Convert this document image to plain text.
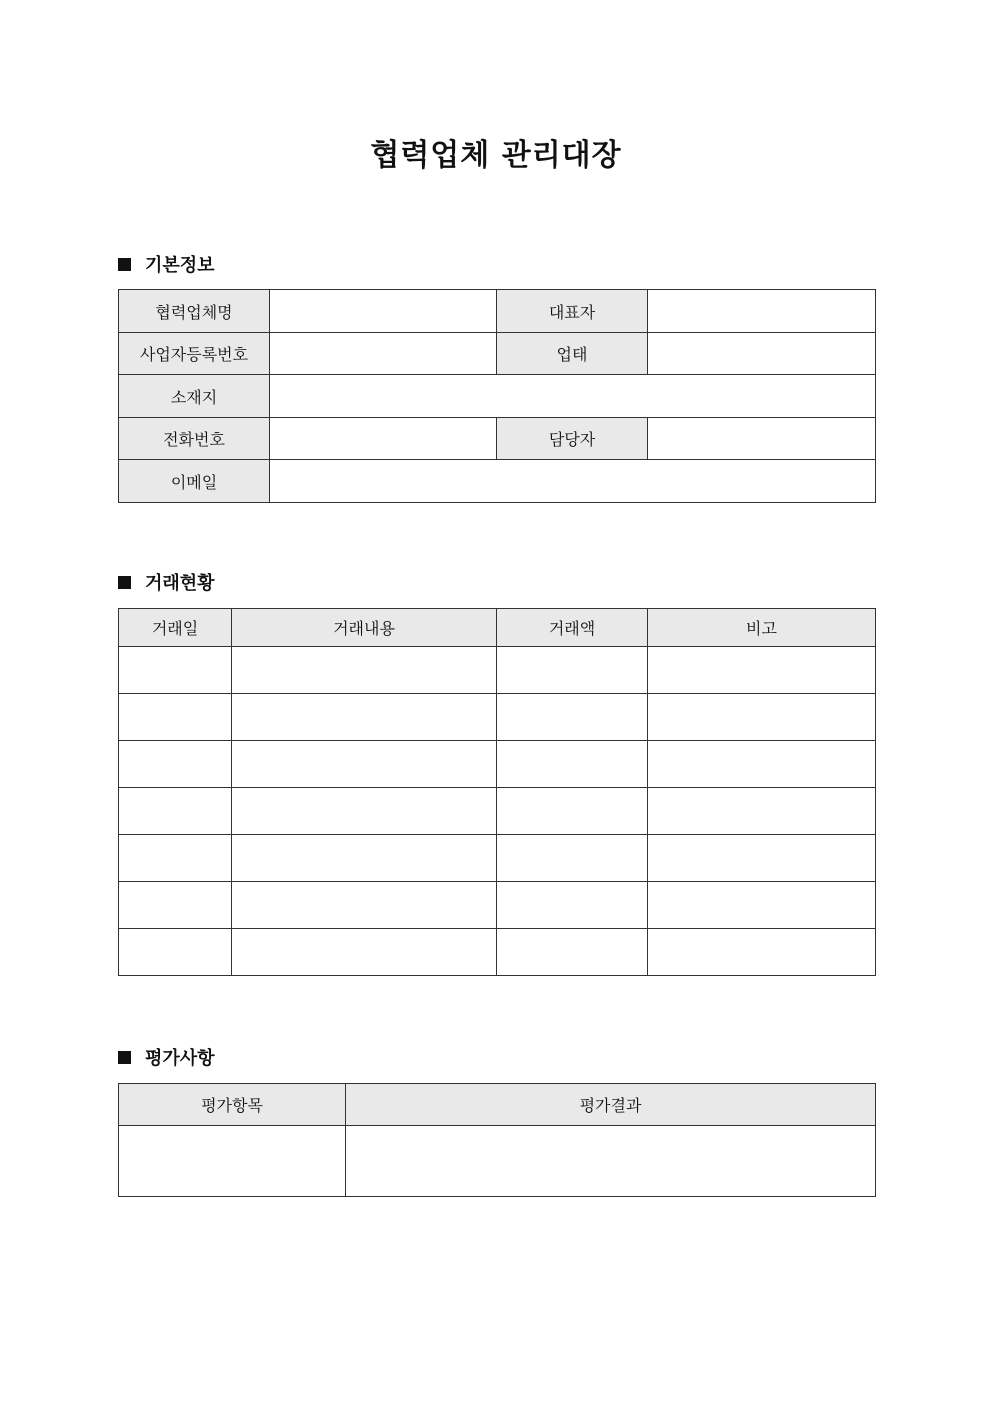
협력업체 관리대장
기본정보
협력업체명		대표자	
사업자등록번호		업태	
소재지			
전화번호		담당자	
이메일			
거래현황
거래일	거래내용	거래액	비고

평가사항
평가항목	평가결과
